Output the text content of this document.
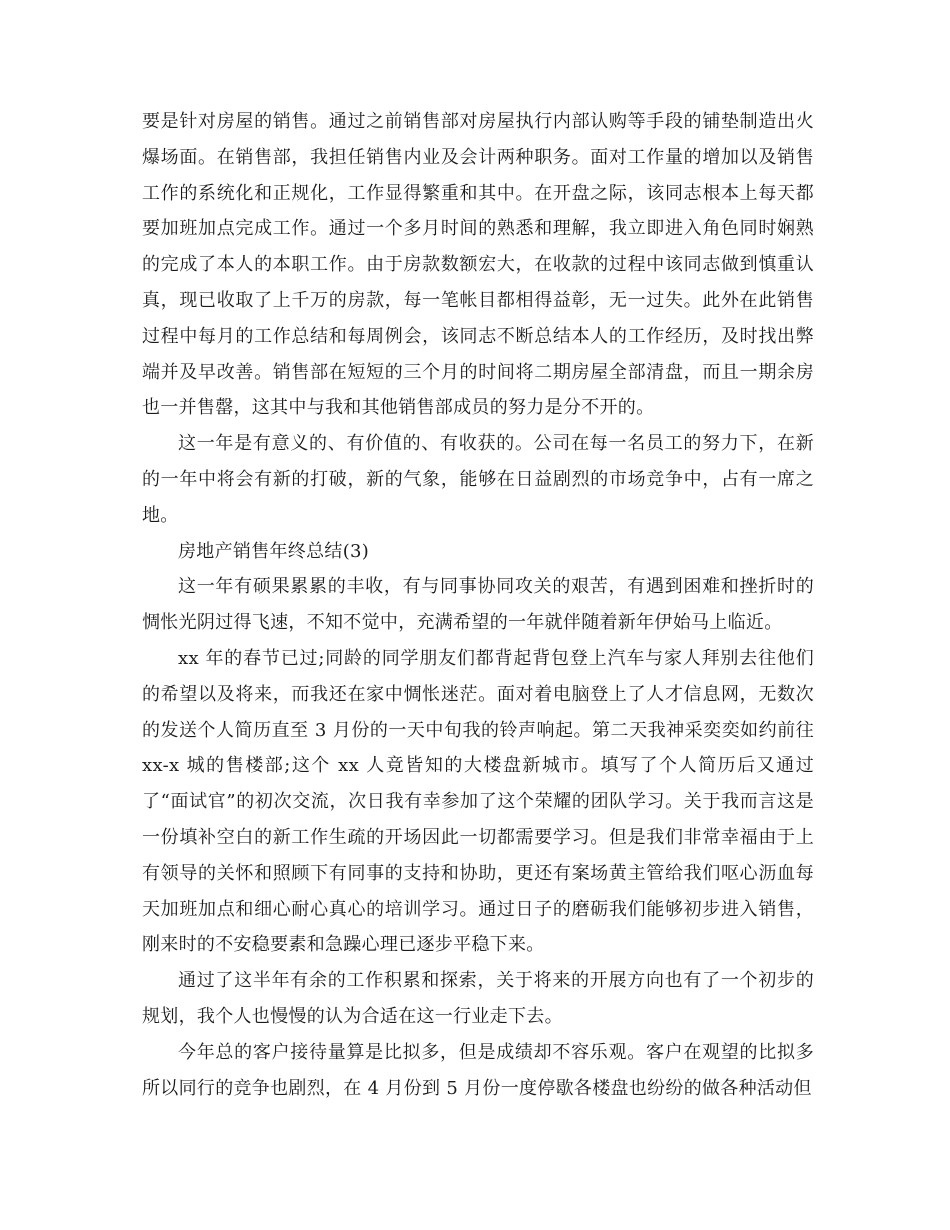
要是针对房屋的销售。通过之前销售部对房屋执行内部认购等手段的铺垫制造出火爆场面。在销售部，我担任销售内业及会计两种职务。面对工作量的增加以及销售工作的系统化和正规化，工作显得繁重和其中。在开盘之际，该同志根本上每天都要加班加点完成工作。通过一个多月时间的熟悉和理解，我立即进入角色同时娴熟的完成了本人的本职工作。由于房款数额宏大，在收款的过程中该同志做到慎重认真，现已收取了上千万的房款，每一笔帐目都相得益彰，无一过失。此外在此销售过程中每月的工作总结和每周例会，该同志不断总结本人的工作经历，及时找出弊端并及早改善。销售部在短短的三个月的时间将二期房屋全部清盘，而且一期余房也一并售罄，这其中与我和其他销售部成员的努力是分不开的。

这一年是有意义的、有价值的、有收获的。公司在每一名员工的努力下，在新的一年中将会有新的打破，新的气象，能够在日益剧烈的市场竞争中，占有一席之地。

房地产销售年终总结(3)

这一年有硕果累累的丰收，有与同事协同攻关的艰苦，有遇到困难和挫折时的惆怅光阴过得飞速，不知不觉中，充满希望的一年就伴随着新年伊始马上临近。

xx 年的春节已过;同龄的同学朋友们都背起背包登上汽车与家人拜别去往他们的希望以及将来，而我还在家中惆怅迷茫。面对着电脑登上了人才信息网，无数次的发送个人简历直至 3 月份的一天中旬我的铃声响起。第二天我神采奕奕如约前往 xx-x 城的售楼部;这个 xx 人竟皆知的大楼盘新城市。填写了个人简历后又通过了“面试官”的初次交流，次日我有幸参加了这个荣耀的团队学习。关于我而言这是一份填补空白的新工作生疏的开场因此一切都需要学习。但是我们非常幸福由于上有领导的关怀和照顾下有同事的支持和协助，更还有案场黄主管给我们呕心沥血每天加班加点和细心耐心真心的培训学习。通过日子的磨砺我们能够初步进入销售，刚来时的不安稳要素和急躁心理已逐步平稳下来。

通过了这半年有余的工作积累和探索，关于将来的开展方向也有了一个初步的规划，我个人也慢慢的认为合适在这一行业走下去。

今年总的客户接待量算是比拟多，但是成绩却不容乐观。客户在观望的比拟多所以同行的竞争也剧烈，在 4 月份到 5 月份一度停歇各楼盘也纷纷的做各种活动但
